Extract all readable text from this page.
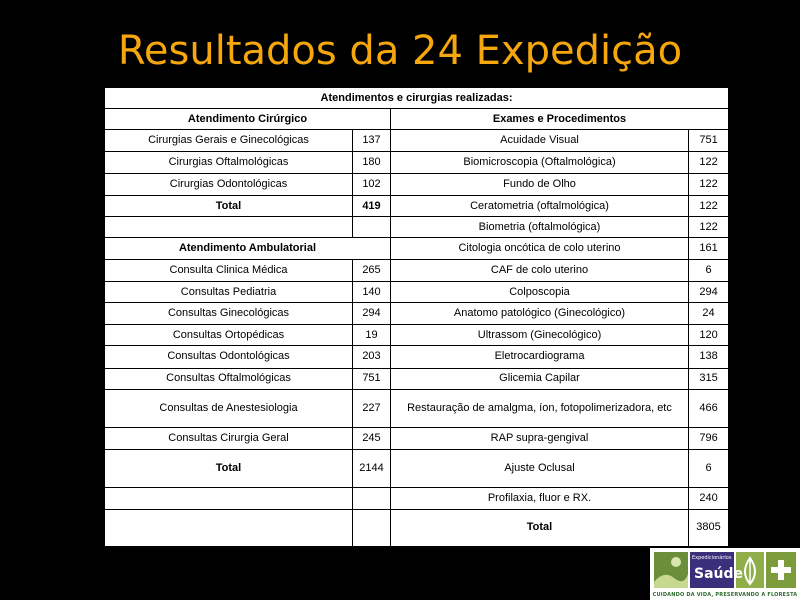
Resultados da 24 Expedição
Atendimentos e cirurgias realizadas:			
Atendimento Cirúrgico		Exames e Procedimentos	
Cirurgias Gerais e Ginecológicas	137	Acuidade Visual	751
Cirurgias Oftalmológicas	180	Biomicroscopia (Oftalmológica)	122
Cirurgias Odontológicas	102	Fundo de Olho	122
Total	419	Ceratometria (oftalmológica)	122
		Biometria (oftalmológica)	122
Atendimento Ambulatorial		Citologia oncótica de colo uterino	161
Consulta Clinica Médica	265	CAF de colo uterino	6
Consultas Pediatria	140	Colposcopia	294
Consultas Ginecológicas	294	Anatomo patológico (Ginecológico)	24
Consultas Ortopédicas	19	Ultrassom (Ginecológico)	120
Consultas Odontológicas	203	Eletrocardiograma	138
Consultas Oftalmológicas	751	Glicemia Capilar	315
Consultas de Anestesiologia	227	Restauração de amalgma, íon, fotopolimerizadora, etc	466
Consultas Cirurgia Geral	245	RAP supra-gengival	796
Total	2144	Ajuste Oclusal	6
		Profilaxia, fluor e RX.	240
		Total	3805
Expedicionários
Saúde
CUIDANDO DA VIDA, PRESERVANDO A FLORESTA
